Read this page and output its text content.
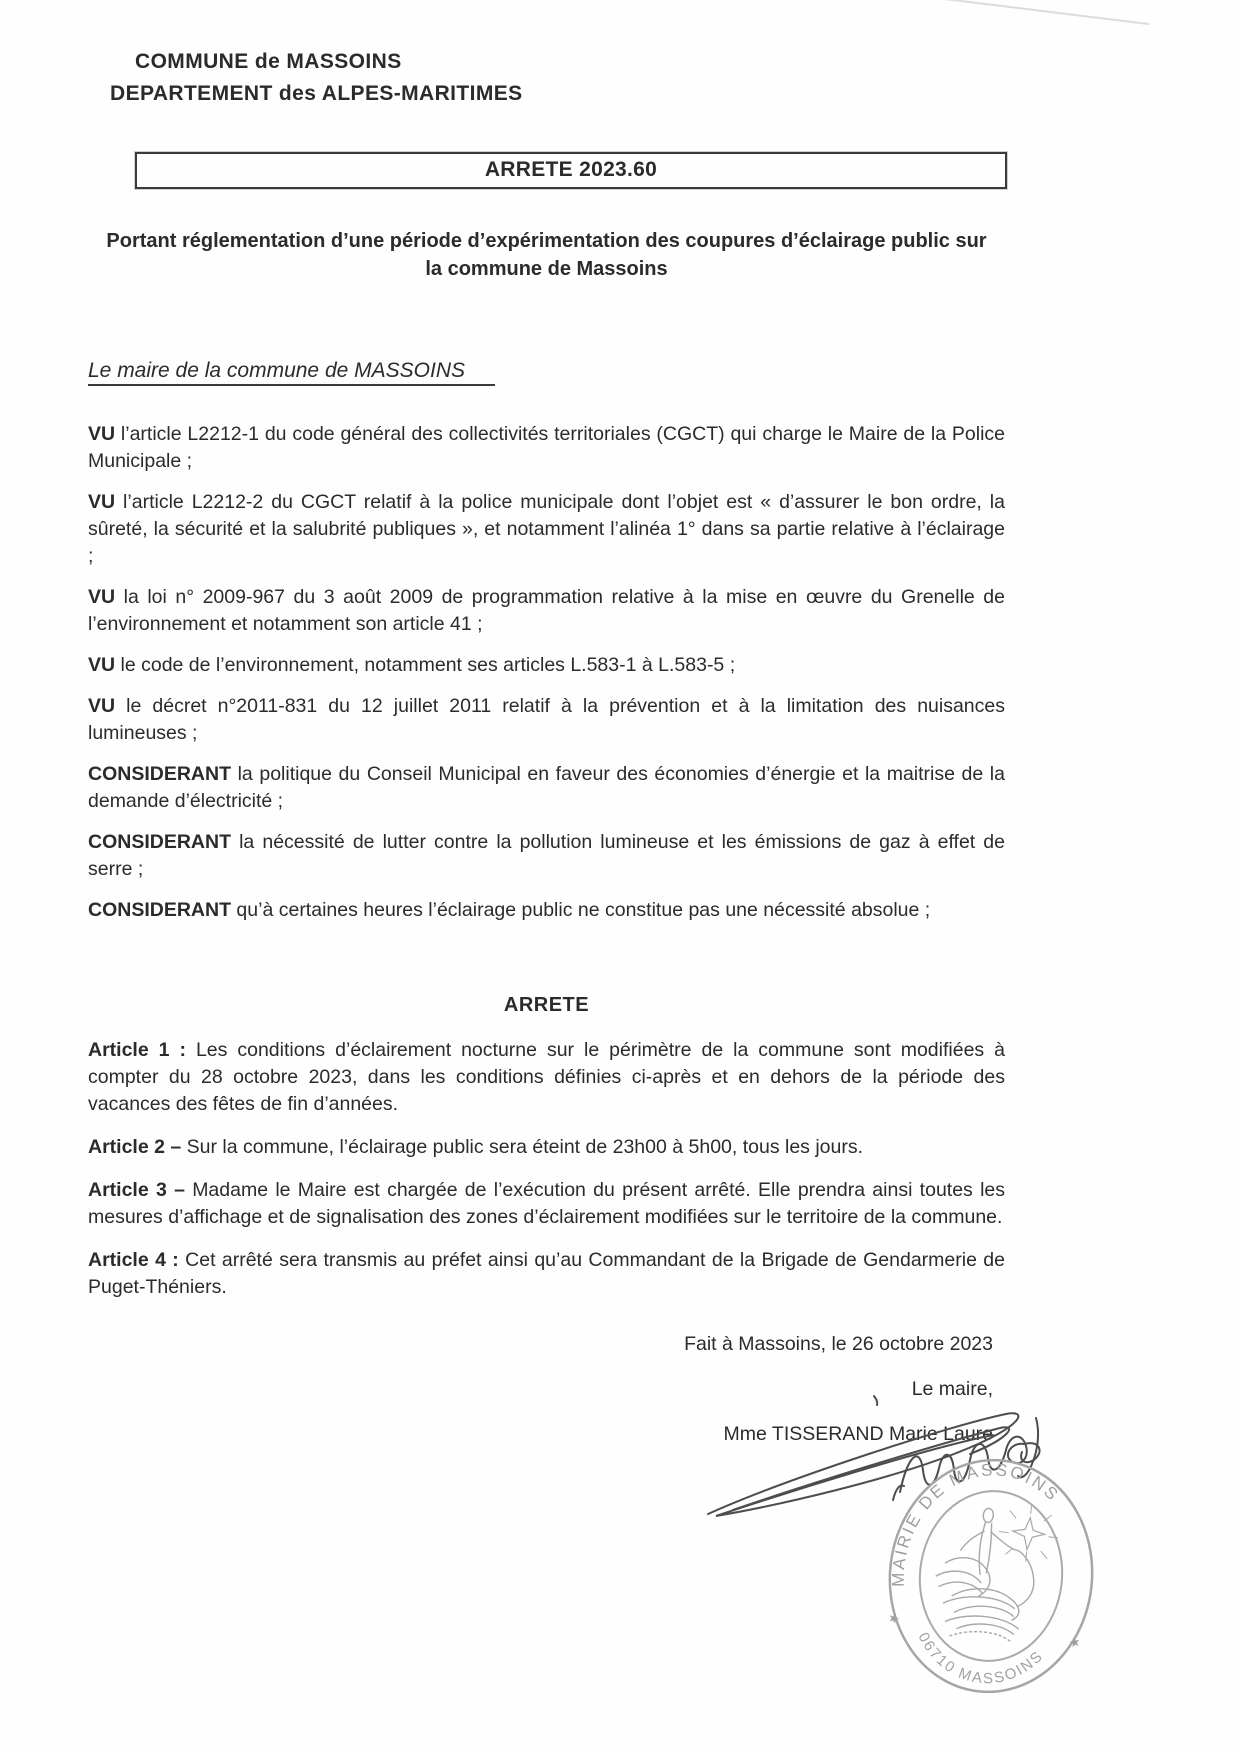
COMMUNE de MASSOINS
DEPARTEMENT des ALPES-MARITIMES
ARRETE 2023.60
Portant réglementation d’une période d’expérimentation des coupures d’éclairage public sur la commune de Massoins
Le maire de la commune de MASSOINS

VU l’article L2212-1 du code général des collectivités territoriales (CGCT) qui charge le Maire de la Police Municipale ;

VU l’article L2212-2 du CGCT relatif à la police municipale dont l’objet est « d’assurer le bon ordre, la sûreté, la sécurité et la salubrité publiques », et notamment l’alinéa 1° dans sa partie relative à l’éclairage ;

VU la loi n° 2009-967 du 3 août 2009 de programmation relative à la mise en œuvre du Grenelle de l’environnement et notamment son article 41 ;

VU le code de l’environnement, notamment ses articles L.583-1 à L.583-5 ;

VU le décret n°2011-831 du 12 juillet 2011 relatif à la prévention et à la limitation des nuisances lumineuses ;

CONSIDERANT la politique du Conseil Municipal en faveur des économies d’énergie et la maitrise de la demande d’électricité ;

CONSIDERANT la nécessité de lutter contre la pollution lumineuse et les émissions de gaz à effet de serre ;

CONSIDERANT qu’à certaines heures l’éclairage public ne constitue pas une nécessité absolue ;

ARRETE

Article 1 : Les conditions d’éclairement nocturne sur le périmètre de la commune sont modifiées à compter du 28 octobre 2023, dans les conditions définies ci-après et en dehors de la période des vacances des fêtes de fin d’années.

Article 2 – Sur la commune, l’éclairage public sera éteint de 23h00 à 5h00, tous les jours.

Article 3 – Madame le Maire est chargée de l’exécution du présent arrêté. Elle prendra ainsi toutes les mesures d’affichage et de signalisation des zones d’éclairement modifiées sur le territoire de la commune.

Article 4 : Cet arrêté sera transmis au préfet ainsi qu’au Commandant de la Brigade de Gendarmerie de Puget-Théniers.

Fait à Massoins, le 26 octobre 2023
Le maire,
Mme TISSERAND Marie Laure
MAIRIE DE MASSOINS
06710 MASSOINS
★
★
